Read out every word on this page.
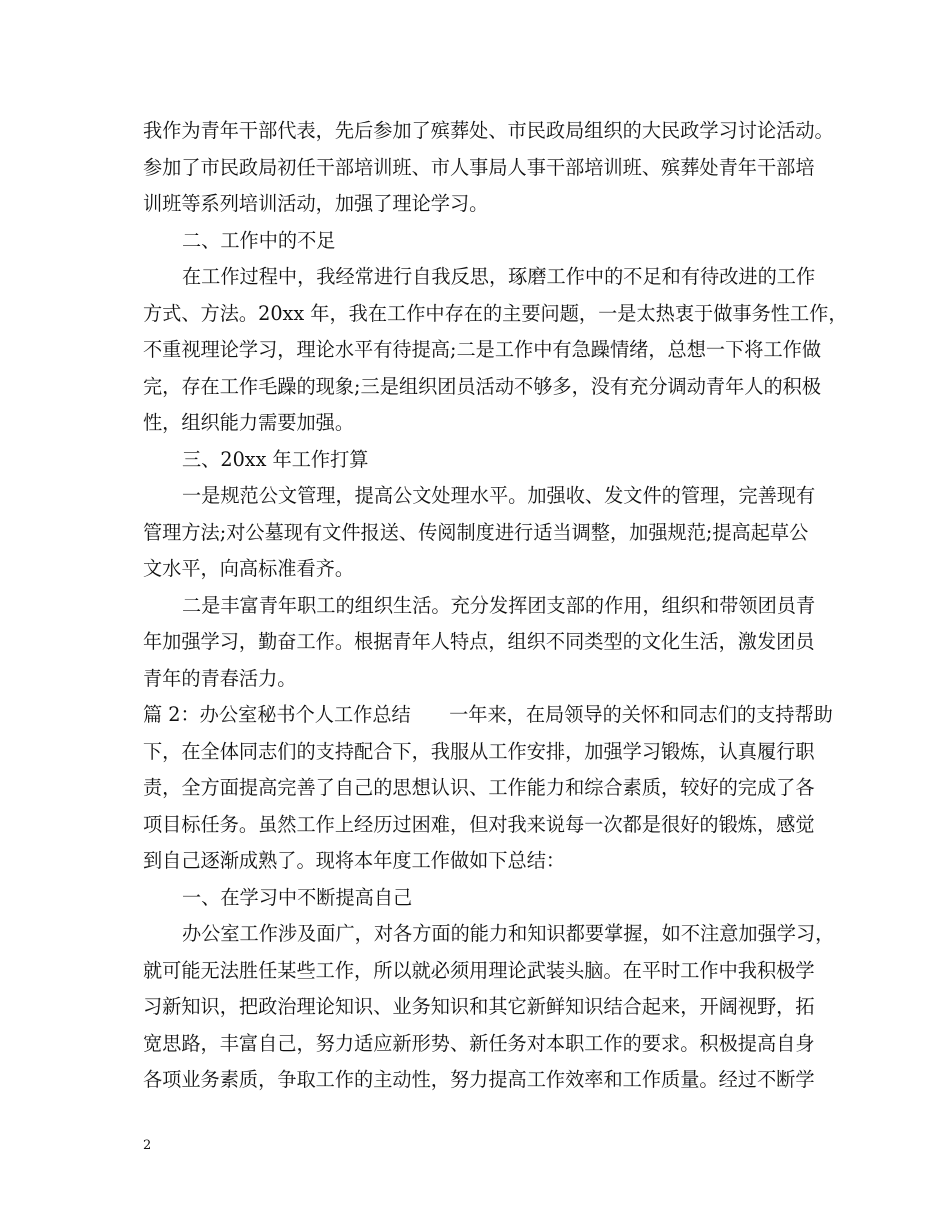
我作为青年干部代表，先后参加了殡葬处、市民政局组织的大民政学习讨论活动。
参加了市民政局初任干部培训班、市人事局人事干部培训班、殡葬处青年干部培
训班等系列培训活动，加强了理论学习。
二、工作中的不足
在工作过程中，我经常进行自我反思，琢磨工作中的不足和有待改进的工作
方式、方法。20xx 年，我在工作中存在的主要问题，一是太热衷于做事务性工作，
不重视理论学习，理论水平有待提高;二是工作中有急躁情绪，总想一下将工作做
完，存在工作毛躁的现象;三是组织团员活动不够多，没有充分调动青年人的积极
性，组织能力需要加强。
三、20xx 年工作打算
一是规范公文管理，提高公文处理水平。加强收、发文件的管理，完善现有
管理方法;对公墓现有文件报送、传阅制度进行适当调整，加强规范;提高起草公
文水平，向高标准看齐。
二是丰富青年职工的组织生活。充分发挥团支部的作用，组织和带领团员青
年加强学习，勤奋工作。根据青年人特点，组织不同类型的文化生活，激发团员
青年的青春活力。
篇 2：办公室秘书个人工作总结　　一年来，在局领导的关怀和同志们的支持帮助
下，在全体同志们的支持配合下，我服从工作安排，加强学习锻炼，认真履行职
责，全方面提高完善了自己的思想认识、工作能力和综合素质，较好的完成了各
项目标任务。虽然工作上经历过困难，但对我来说每一次都是很好的锻炼，感觉
到自己逐渐成熟了。现将本年度工作做如下总结：
一、在学习中不断提高自己
办公室工作涉及面广，对各方面的能力和知识都要掌握，如不注意加强学习，
就可能无法胜任某些工作，所以就必须用理论武装头脑。在平时工作中我积极学
习新知识，把政治理论知识、业务知识和其它新鲜知识结合起来，开阔视野，拓
宽思路，丰富自己，努力适应新形势、新任务对本职工作的要求。积极提高自身
各项业务素质，争取工作的主动性，努力提高工作效率和工作质量。经过不断学
2
